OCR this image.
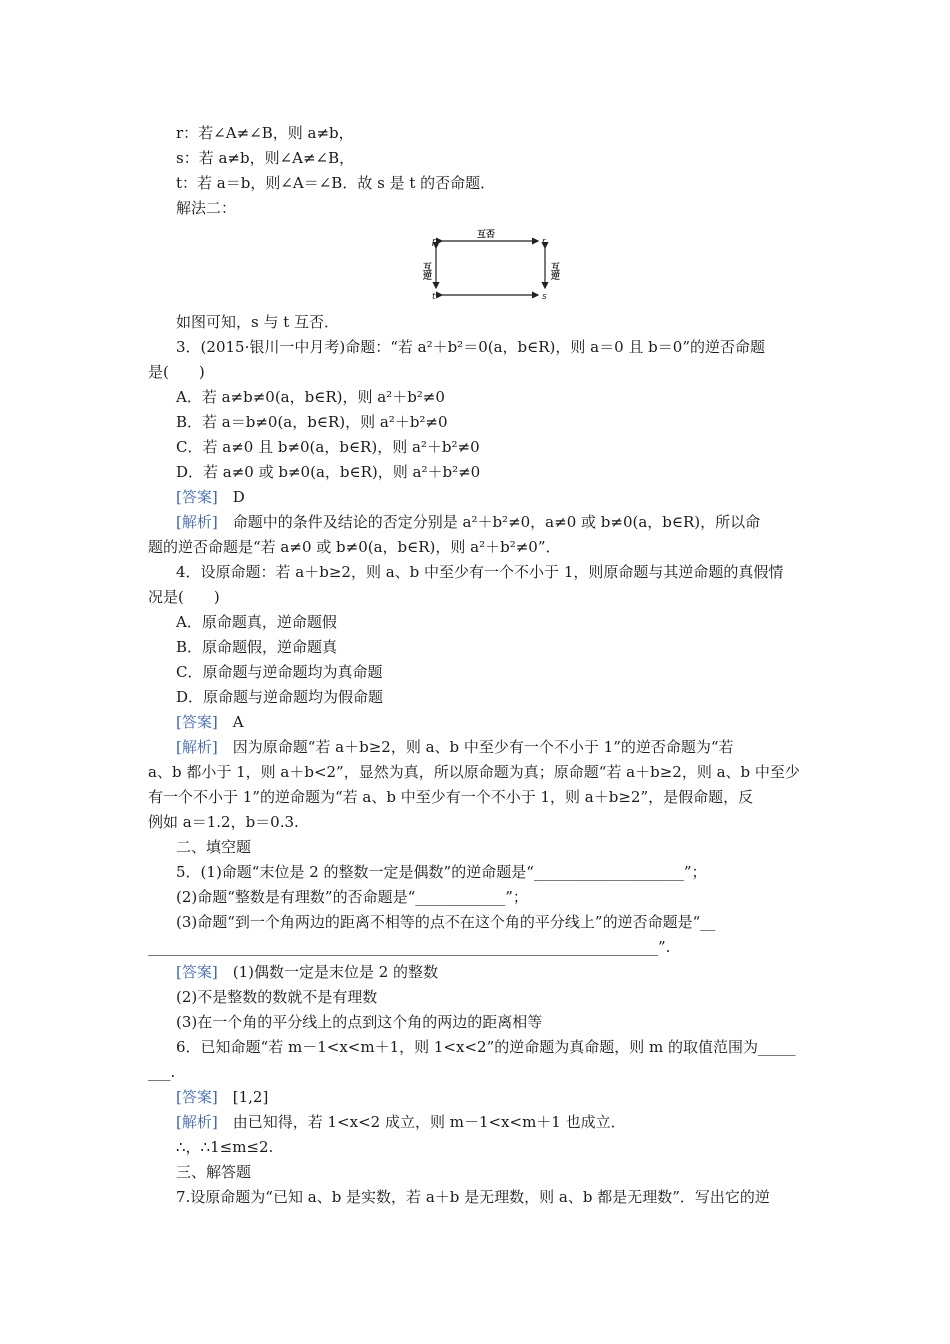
r：若∠A≠∠B，则 a≠b，
s：若 a≠b，则∠A≠∠B，
t：若 a＝b，则∠A＝∠B．故 s 是 t 的否命题．
解法二：
p	r
t	s
互否
互逆	互逆
如图可知，s 与 t 互否．
3．(2015·银川一中月考)命题：“若 a²＋b²＝0(a，b∈R)，则 a＝0 且 b＝0”的逆否命题
是(　　)
A．若 a≠b≠0(a，b∈R)，则 a²＋b²≠0
B．若 a＝b≠0(a，b∈R)，则 a²＋b²≠0
C．若 a≠0 且 b≠0(a，b∈R)，则 a²＋b²≠0
D．若 a≠0 或 b≠0(a，b∈R)，则 a²＋b²≠0
[答案]　 D
[解析]　 命题中的条件及结论的否定分别是 a²＋b²≠0，a≠0 或 b≠0(a，b∈R)，所以命
题的逆否命题是“若 a≠0 或 b≠0(a，b∈R)，则 a²＋b²≠0”．
4．设原命题：若 a＋b≥2，则 a、b 中至少有一个不小于 1，则原命题与其逆命题的真假情
况是(　　)
A．原命题真，逆命题假
B．原命题假，逆命题真
C．原命题与逆命题均为真命题
D．原命题与逆命题均为假命题
[答案]　 A
[解析]　 因为原命题“若 a＋b≥2，则 a、b 中至少有一个不小于 1”的逆否命题为“若
a、b 都小于 1，则 a＋b<2”，显然为真，所以原命题为真；原命题“若 a＋b≥2，则 a、b 中至少
有一个不小于 1”的逆命题为“若 a、b 中至少有一个不小于 1，则 a＋b≥2”，是假命题，反
例如 a＝1.2，b＝0.3.
二、填空题
5．(1)命题“末位是 2 的整数一定是偶数”的逆命题是“____________________”；
(2)命题“整数是有理数”的否命题是“____________”；
(3)命题“到一个角两边的距离不相等的点不在这个角的平分线上”的逆否命题是“__
____________________________________________________________________”.
[答案]　 (1)偶数一定是末位是 2 的整数
(2)不是整数的数就不是有理数
(3)在一个角的平分线上的点到这个角的两边的距离相等
6．已知命题“若 m－1<x<m＋1，则 1<x<2”的逆命题为真命题，则 m 的取值范围为_____
___.
[答案]　 [1,2]
[解析]　 由已知得，若 1<x<2 成立，则 m－1<x<m＋1 也成立．
∴，∴1≤m≤2.
三、解答题
7.设原命题为“已知 a、b 是实数，若 a＋b 是无理数，则 a、b 都是无理数”．写出它的逆
